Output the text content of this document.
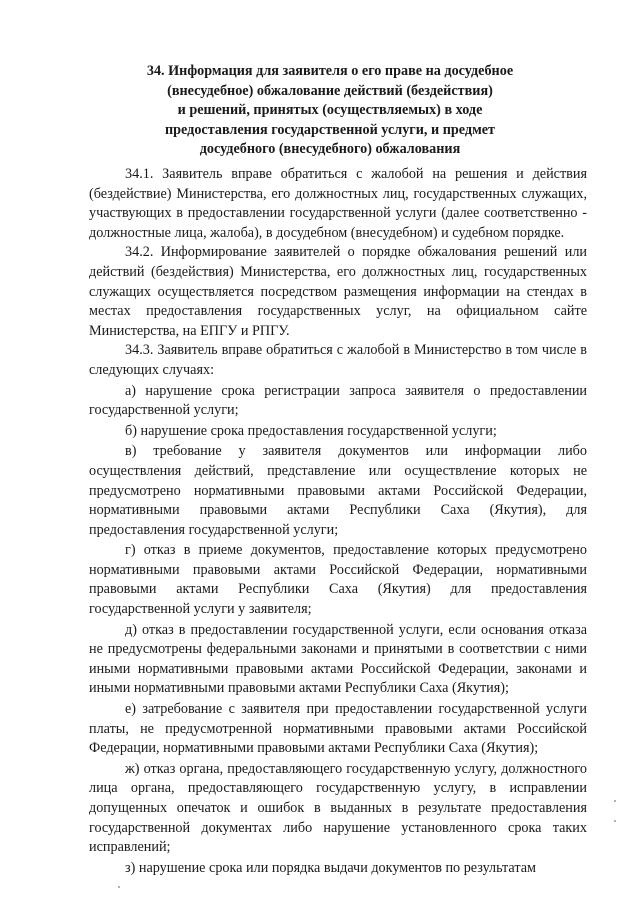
34. Информация для заявителя о его праве на досудебное
(внесудебное) обжалование действий (бездействия)
и решений, принятых (осуществляемых) в ходе
предоставления государственной услуги, и предмет
досудебного (внесудебного) обжалования

34.1. Заявитель вправе обратиться с жалобой на решения и действия (бездействие) Министерства, его должностных лиц, государственных служащих, участвующих в предоставлении государственной услуги (далее соответственно - должностные лица, жалоба), в досудебном (внесудебном) и судебном порядке.

34.2. Информирование заявителей о порядке обжалования решений или действий (бездействия) Министерства, его должностных лиц, государственных служащих осуществляется посредством размещения информации на стендах в местах предоставления государственных услуг, на официальном сайте Министерства, на ЕПГУ и РПГУ.

34.3. Заявитель вправе обратиться с жалобой в Министерство в том числе в следующих случаях:

а) нарушение срока регистрации запроса заявителя о предоставлении государственной услуги;

б) нарушение срока предоставления государственной услуги;

в) требование у заявителя документов или информации либо осуществления действий, представление или осуществление которых не предусмотрено нормативными правовыми актами Российской Федерации, нормативными правовыми актами Республики Саха (Якутия), для предоставления государственной услуги;

г) отказ в приеме документов, предоставление которых предусмотрено нормативными правовыми актами Российской Федерации, нормативными правовыми актами Республики Саха (Якутия) для предоставления государственной услуги у заявителя;

д) отказ в предоставлении государственной услуги, если основания отказа не предусмотрены федеральными законами и принятыми в соответствии с ними иными нормативными правовыми актами Российской Федерации, законами и иными нормативными правовыми актами Республики Саха (Якутия);

е) затребование с заявителя при предоставлении государственной услуги платы, не предусмотренной нормативными правовыми актами Российской Федерации, нормативными правовыми актами Республики Саха (Якутия);

ж) отказ органа, предоставляющего государственную услугу, должностного лица органа, предоставляющего государственную услугу, в исправлении допущенных опечаток и ошибок в выданных в результате предоставления государственной документах либо нарушение установленного срока таких исправлений;

з) нарушение срока или порядка выдачи документов по результатам
